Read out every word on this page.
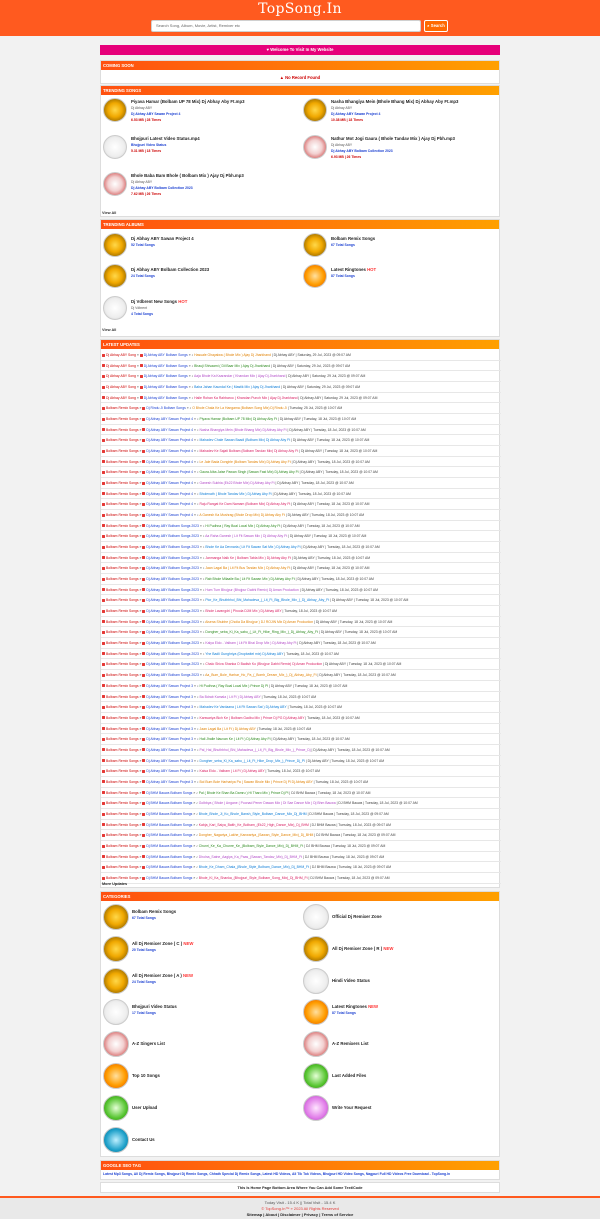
TopSong.In
Search Song, Album, Movie, Artist, Remixer etc	⌕ Search
♥ Welcome To Visit In My Website
COMING SOON
▲ No Record Found
TRENDING SONGS
Piyava Hamar (Bolbam UP 78 Mix) Dj Abhay Aby Ft.mp3
Dj Abhay ABY
Dj Abhay ABY Sawan Project 4
6.53 MB | 28 Times
Nasha Bhangiya Mein (Bhole Bhang Mix) Dj Abhay Aby Ft.mp3
Dj Abhay ABY
Dj Abhay ABY Sawan Project 4
10.38 MB | 18 Times
Bhojpuri Latest Video Status.mp4
Bhojpuri Video Status
5.31 MB | 18 Times
Nathur Mot Jogi Gaura ( Bhole Tandav Mix ) Ajay Dj Pbh.mp3
Dj Abhay ABY
Dj Abhay ABY Bolbam Collection 2023
6.93 MB | 26 Times
Bhole Baba Bam Bhole ( Bolbam Mix ) Ajay Dj Pbh.mp3
Dj Abhay ABY
Dj Abhay ABY Bolbam Collection 2023
7.62 MB | 26 Times
View All
TRENDING ALBUMS
Dj Abhay ABY Sawan Project 4
52 Total Songs
Bolbam Remix Songs
67 Total Songs
Dj Abhay ABY Bolbam Collection 2023
24 Total Songs
Latest Ringtones HOT
87 Total Songs
Dj Vdbrent New Songs HOT
Dj Vdbrent
4 Total Songs
View All
LATEST UPDATES
Dj Abhay ABY Song » Dj Abhay ABY Bolbam Songs » ♪ Hasuale Ghayalwa ( Bhole Mix ) Ajay Dj Jharkhand | Dj Abhay ABY | Saturday, 29 Jul, 2023 @ 09:07 AM
Dj Abhay ABY Song » Dj Abhay ABY Bolbam Songs » ♪ Bhauji Shivaami ( Dil Baar Mix ) Ajay Dj Jharkhand | Dj Abhay ABY | Saturday, 29 Jul, 2023 @ 09:07 AM
Dj Abhay ABY Song » Dj Abhay ABY Bolbam Songs » ♪ Aaja Bhole Ka Kaarandar ( Khandan Mix ) Ajay Dj Jharkhand | Dj Abhay ABY | Saturday, 29 Jul, 2023 @ 09:07 AM
Dj Abhay ABY Song » Dj Abhay ABY Bolbam Songs » ♪ Baba Jahan Kaundal Ke ( Mastik Mix ) Ajay Dj Jharkhand | Dj Abhay ABY | Saturday, 29 Jul, 2023 @ 09:07 AM
Dj Abhay ABY Song » Dj Abhay ABY Bolbam Songs » ♪ Haile Rohan Ka Rahbaroo ( Khandan Punch Mix ) Ajay Dj Jharkhand | Dj Abhay ABY | Saturday, 29 Jul, 2023 @ 09:07 AM
Bolbam Remix Songs » Dj Rindu Ji Bolbam Songs » ♪ O Bhole Chala Ke La Hangama (Bolbam Song Mix) Dj Rindu Ji | Tuesday, 25 Jul, 2023 @ 10:07 AM
Bolbam Remix Songs » Dj Abhay ABY Sawan Project 4 » ♪ Piyava Hamar (Bolbam UP 78 Mix) Dj Abhay Aby Ft | Dj Abhay ABY | Tuesday, 18 Jul, 2023 @ 10:07 AM
Bolbam Remix Songs » Dj Abhay ABY Sawan Project 4 » ♪ Nasha Bhangiya Mein (Bhole Bhang Mix) Dj Abhay Aby Ft | Dj Abhay ABY | Tuesday, 18 Jul, 2023 @ 10:07 AM
Bolbam Remix Songs » Dj Abhay ABY Sawan Project 4 » ♪ Mahadev Chale Sawan Baadi (Bolbam Mix) Dj Abhay Aby Ft | Dj Abhay ABY | Tuesday, 18 Jul, 2023 @ 10:07 AM
Bolbam Remix Songs » Dj Abhay ABY Sawan Project 4 » ♪ Mahadev Ke Sajati Bolbam (Bolbam Tandav Mix) Dj Abhay Aby Ft | Dj Abhay ABY | Tuesday, 18 Jul, 2023 @ 10:07 AM
Bolbam Remix Songs » Dj Abhay ABY Sawan Project 4 » ♪ Le Jale Bada Dongirle (Bolbam Tandav Mix) Dj Abhay Aby Ft | Dj Abhay ABY | Tuesday, 18 Jul, 2023 @ 10:07 AM
Bolbam Remix Songs » Dj Abhay ABY Sawan Project 4 » ♪ Gaura Aiba Jaise Pawan Singh (Sawan Fast Mix) Dj Abhay Aby Ft | Dj Abhay ABY | Tuesday, 18 Jul, 2023 @ 10:07 AM
Bolbam Remix Songs » Dj Abhay ABY Sawan Project 4 » ♪ Ganesh Sukhia (Ek22 Bhole Mix) Dj Abhay Aby Ft | Dj Abhay ABY | Tuesday, 18 Jul, 2023 @ 10:07 AM
Bolbam Remix Songs » Dj Abhay ABY Sawan Project 4 » ♪ Bholenath ( Bhole Tandav Mix ) Dj Abhay Aby Ft | Dj Abhay ABY | Tuesday, 18 Jul, 2023 @ 10:07 AM
Bolbam Remix Songs » Dj Abhay ABY Sawan Project 4 » ♪ Raju Rangat Ke Dam Namam (Bolbam Mix) Dj Abhay Aby Ft | Dj Abhay ABY | Tuesday, 18 Jul, 2023 @ 10:07 AM
Bolbam Remix Songs » Dj Abhay ABY Sawan Project 4 » ♪ A Ganesh Ka Mushrag (Bhole Drop Mix) Dj Abhay Aby Ft | Dj Abhay ABY | Tuesday, 18 Jul, 2023 @ 10:07 AM
Bolbam Remix Songs » Dj Abhay ABY Bolbam Songs 2023 » ♪ Hi Pudhna ( Ray Boal Local Mix ) Dj Abhay Aby Ft | Dj Abhay ABY | Tuesday, 18 Jul, 2023 @ 10:07 AM
Bolbam Remix Songs » Dj Abhay ABY Bolbam Songs 2023 » ♪ Aa Raha Ganesh ( Lit Fit Sawan Mix ) Dj Abhay Aby Ft | Dj Abhay ABY | Tuesday, 18 Jul, 2023 @ 10:07 AM
Bolbam Remix Songs » Dj Abhay ABY Bolbam Songs 2023 » ♪ Bhole Ke Aa Devnaria ( Lit Fit Sawan Sat Mix ) Dj Abhay Aby Ft | Dj Abhay ABY | Tuesday, 18 Jul, 2023 @ 10:07 AM
Bolbam Remix Songs » Dj Abhay ABY Bolbam Songs 2023 » ♪ Janmanga Nalk Ke ( Bolbam Tabla Mix ) Dj Abhay Aby Ft | Dj Abhay ABY | Tuesday, 18 Jul, 2023 @ 10:07 AM
Bolbam Remix Songs » Dj Abhay ABY Bolbam Songs 2023 » ♪ Jaan Lagal Ba ( Lit Fit Bus Tandav Mix ) Dj Abhay Aby Ft | Dj Abhay ABY | Tuesday, 18 Jul, 2023 @ 10:07 AM
Bolbam Remix Songs » Dj Abhay ABY Bolbam Songs 2023 » ♪ Rab Bhole Milaaile Ba ( Lit Fit Sawan Mix ) Dj Abhay Aby Ft | Dj Abhay ABY | Tuesday, 18 Jul, 2023 @ 10:07 AM
Bolbam Remix Songs » Dj Abhay ABY Bolbam Songs 2023 » ♪ Hum Tum Bhojpur (Bhojpur Dabhi Remix) Dj Aman Production | Dj Abhay ABY | Tuesday, 18 Jul, 2023 @ 10:07 AM
Bolbam Remix Songs » Dj Abhay ABY Bolbam Songs 2023 » ♪ Pior_Ke_Bhuthbhol_Bhi_Mahadeva_(_Lit_Ft_Big_Bhole_Mix_)_Dj_Abhay_Aby_Ft | Dj Abhay ABY | Tuesday, 18 Jul, 2023 @ 10:07 AM
Bolbam Remix Songs » Dj Abhay ABY Bolbam Songs 2023 » ♪ Bhole Lavangdri ( Phoola DJM Mix ) Dj Abhay ABY | Tuesday, 18 Jul, 2023 @ 10:07 AM
Bolbam Remix Songs » Dj Abhay ABY Bolbam Songs 2023 » ♪ Aisena Shubhe (Cholia Da Bhojpur ) DJ ROJIN Mix Dj Aman Production | Dj Abhay ABY | Tuesday, 18 Jul, 2023 @ 10:07 AM
Bolbam Remix Songs » Dj Abhay ABY Bolbam Songs 2023 » ♪ Dongher_seba_Ki_Ka_sabu_(_Lit_Ft_Hike_Ring_Mix_)_Dj_Abhay_Aby_Ft | Dj Abhay ABY | Tuesday, 18 Jul, 2023 @ 10:07 AM
Bolbam Remix Songs » Dj Abhay ABY Bolbam Songs 2023 » ♪ Kalya Eldo - Valbam ( Lit Fit Bhai Drop Mix ) Dj Abhay Aby Ft | Dj Abhay ABY | Tuesday, 18 Jul, 2023 @ 10:07 AM
Bolbam Remix Songs » Dj Abhay ABY Bolbam Songs 2023 » ♪ Yhe Badli Gunghriya (Dropbattel mix) Dj Abhay ABY | Tuesday, 18 Jul, 2023 @ 10:07 AM
Bolbam Remix Songs » Dj Abhay ABY Bolbam Songs 2023 » ♪ Chalo Shiva Shanka O Badish Ko (Bhojpur Dabhi Remix) Dj Aman Production | Dj Abhay ABY | Tuesday, 18 Jul, 2023 @ 10:07 AM
Bolbam Remix Songs » Dj Abhay ABY Bolbam Songs 2023 » ♪ Aa_Bum_Bole_Harhar_Ho_Pa_(_Bomb_Dream_Mix_)_Dj_Abhay_Aby_Ft | Dj Abhay ABY | Tuesday, 18 Jul, 2023 @ 10:07 AM
Bolbam Remix Songs » Dj Abhay ABY Sawan Project 3 » ♪ Hi Pudhna ( Ray Boal Local Mix ) Prince Dj Pl | Dj Abhay ABY | Tuesday, 18 Jul, 2023 @ 10:07 AM
Bolbam Remix Songs » Dj Abhay ABY Sawan Project 3 » ♪ Ba Bdrab Kamala ( Lit Ft ) Dj Abhay ABY | Tuesday, 18 Jul, 2023 @ 10:07 AM
Bolbam Remix Songs » Dj Abhay ABY Sawan Project 3 » ♪ Mahadev Ke Vardaana ( Lit Fit Sawan Sat ) Dj Abhay ABY | Tuesday, 18 Jul, 2023 @ 10:07 AM
Bolbam Remix Songs » Dj Abhay ABY Sawan Project 3 » ♪ Kanwariya Bich Ke ( Bolbam Gadbu Mix ) Prince Dj PG Dj Abhay ABY | Tuesday, 18 Jul, 2023 @ 10:07 AM
Bolbam Remix Songs » Dj Abhay ABY Sawan Project 3 » ♪ Jaan Lagal Ba ( Lit Ft ) Dj Abhay ABY | Tuesday, 18 Jul, 2023 @ 10:07 AM
Bolbam Remix Songs » Dj Abhay ABY Sawan Project 3 » ♪ Hali Jhalle Nauvan Ke ( Lit Ft ) Dj Abhay Aby Ft | Dj Abhay ABY | Tuesday, 18 Jul, 2023 @ 10:07 AM
Bolbam Remix Songs » Dj Abhay ABY Sawan Project 3 » ♪ Pal_Hai_Bhuthbhol_Bhi_Mahadeva_(_Lit_Ft_Big_Bhole_Mix_)_Prince_Dj | Dj Abhay ABY | Tuesday, 18 Jul, 2023 @ 10:07 AM
Bolbam Remix Songs » Dj Abhay ABY Sawan Project 3 » ♪ Dongher_seba_Ki_Ka_sabu_(_Lit_Ft_Hike_Drop_Mix_)_Prince_Dj_Pl | Dj Abhay ABY | Tuesday, 18 Jul, 2023 @ 10:07 AM
Bolbam Remix Songs » Dj Abhay ABY Sawan Project 3 » ♪ Kaisa Eldo - Valbam ( Lit Ft ) Dj Abhay ABY | Tuesday, 18 Jul, 2023 @ 10:07 AM
Bolbam Remix Songs » Dj Abhay ABY Sawan Project 3 » ♪ Bol Bum Bole Harhariya Pa ( Sawan Bhole Mix ) Prince Dj Pl Dj Abhay ABY | Tuesday, 18 Jul, 2023 @ 10:07 AM
Bolbam Remix Songs » Dj BHM Bauwa Bolbam Songs » ♪ Pal ( Bhole Ke Shan Ba Damru ) Hi Tharo Mix ) Prince Dj Pl | DJ BHM Bauwa | Tuesday, 18 Jul, 2023 @ 10:07 AM
Bolbam Remix Songs » Dj BHM Bauwa Bolbam Songs » ♪ Golbbya ( Bhole ) Angane ( Poonad Pener Dawan Mix ) Di Sae Dance Mix ) Dj Bhm Bauwa | DJ BHM Bauwa | Tuesday, 18 Jul, 2023 @ 10:07 AM
Bolbam Remix Songs » Dj BHM Bauwa Bolbam Songs » ♪ Bhole_Bhole_Ji_Ko_Bhole_Bansh_Style_Bolbam_Dance_Mix_Dj_BHM | DJ BHM Bauwa | Tuesday, 18 Jul, 2023 @ 09:07 AM
Bolbam Remix Songs » Dj BHM Bauwa Bolbam Songs » ♪ Kabja_Kari_Saiya_Baith_Ke_Bolbam_(Ek22_High_Dance_Mix)_Dj_BHM | DJ BHM Bauwa | Tuesday, 18 Jul, 2023 @ 09:07 AM
Bolbam Remix Songs » Dj BHM Bauwa Bolbam Songs » ♪ Dongher_Nagariya_Lakhe_Kanwariya_(Sawan_Style_Dance_Mix)_Dj_BHM | DJ BHM Bauwa | Tuesday, 18 Jul, 2023 @ 09:07 AM
Bolbam Remix Songs » Dj BHM Bauwa Bolbam Songs » ♪ Chunri_Ke_Ka_Chunre_Ke_(Bolbam_Style_Dance_Mix)_Dj_BHM_Ft | DJ BHM Bauwa | Tuesday, 18 Jul, 2023 @ 09:07 AM
Bolbam Remix Songs » Dj BHM Bauwa Bolbam Songs » ♪ Dholna_Satne_Aagiya_Ka_Paas_(Sawan_Tandav_Mix)_Dj_BHM_Ft | DJ BHM Bauwa | Tuesday, 18 Jul, 2023 @ 09:07 AM
Bolbam Remix Songs » Dj BHM Bauwa Bolbam Songs » ♪ Bhole_Ke_Dham_Chala_(Bhole_Style_Bolbam_Dance_Mix)_Dj_BHM_Ft | DJ BHM Bauwa | Tuesday, 18 Jul, 2023 @ 09:07 AM
Bolbam Remix Songs » Dj BHM Bauwa Bolbam Songs » ♪ Bhole_Ki_Ka_Shanka_(Bhojpuri_Style_Bolbam_Song_Mix)_Dj_BHM_Ft | DJ BHM Bauwa | Tuesday, 18 Jul, 2023 @ 09:07 AM
More Updates
CATEGORIES
Bolbam Remix Songs
67 Total Songs	Official Dj Remixer Zone
All Dj Remixer Zone ( C ) NEW
20 Total Songs	All Dj Remixer Zone ( R ) NEW
All Dj Remixer Zone ( A ) NEW
24 Total Songs	Hindi Video Status
Bhojpuri Video Status
17 Total Songs
Latest Ringtones NEW
87 Total Songs
A-Z Singers List	A-Z Remixers List
Top 10 Songs	Last Added Files
User Upload	Write Your Request
Contact Us
GOOGLE SEO TAG
Latest Mp3 Songs, All Dj Remix Songs, Bhojpuri Dj Remix Songs, Chhath Special Dj Remix Songs, Latest HD Videos, All Tik Tok Videos, Bhojpuri HD Video Songs, Nagpuri Full HD Videos Free Download - TopSong.In
This Is Home Page Bottom Area Where You Can Add Some Text/Code
Today Visit - 15.4 K || Total Visit - 15.4 K
© TopSong.In™ » 2023 All Rights Reserved
Sitemap | About | Disclaimer | Privacy | Terms of Service
